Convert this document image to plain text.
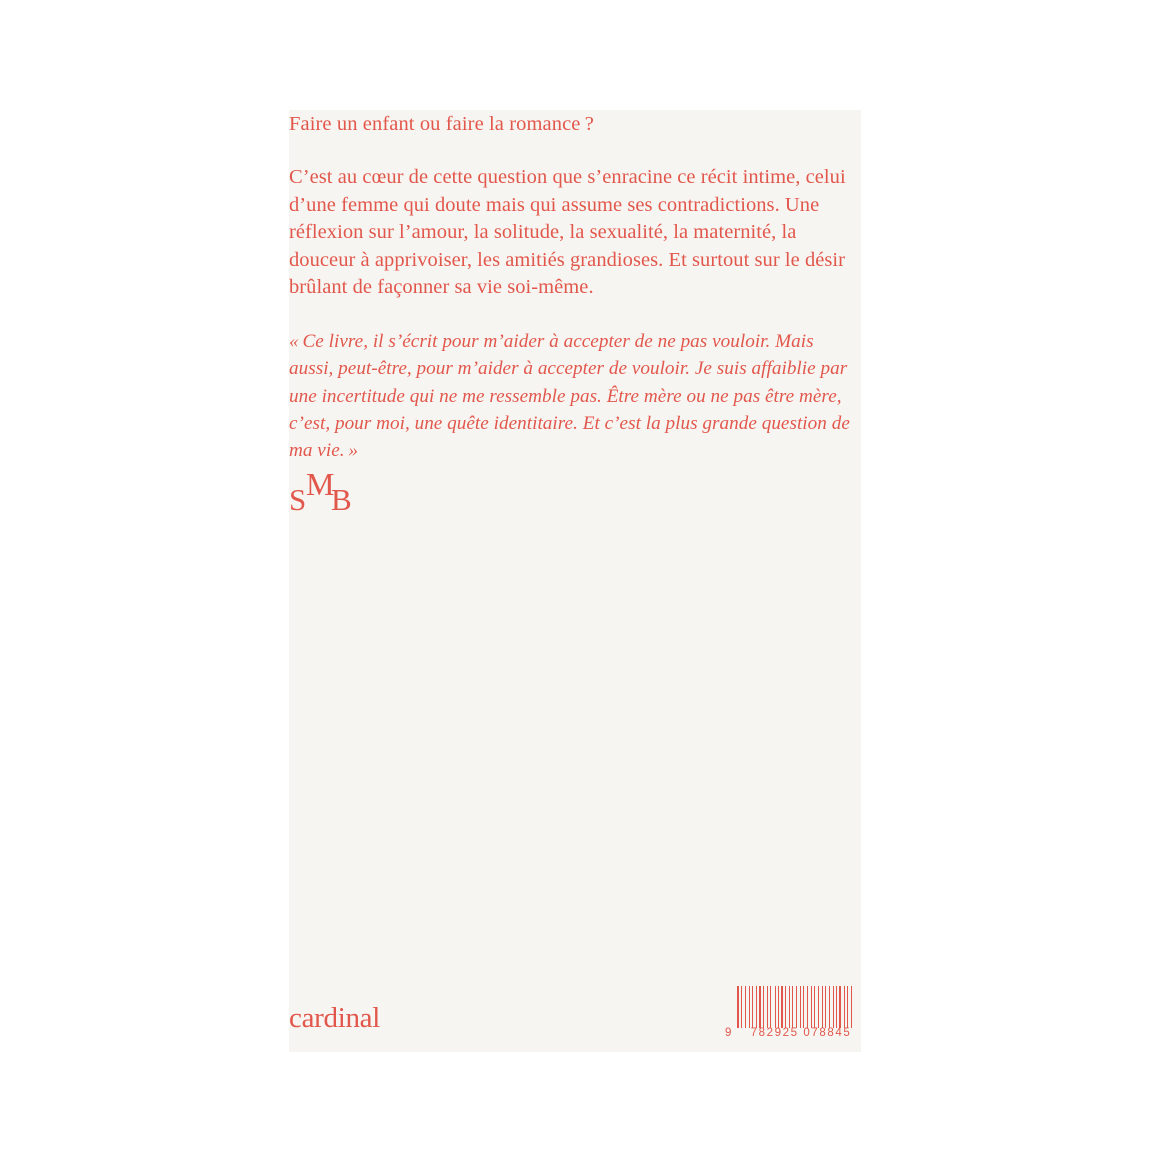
Faire un enfant ou faire la romance ?
C’est au cœur de cette question que s’enracine ce récit intime, celui d’une femme qui doute mais qui assume ses contradictions. Une réflexion sur l’amour, la solitude, la sexualité, la maternité, la douceur à apprivoiser, les amitiés grandioses. Et surtout sur le désir brûlant de façonner sa vie soi-même.
« Ce livre, il s’écrit pour m’aider à accepter de ne pas vouloir. Mais aussi, peut-être, pour m’aider à accepter de vouloir. Je suis affaiblie par une incertitude qui ne me ressemble pas. Être mère ou ne pas être mère, c’est, pour moi, une quête identitaire. Et c’est la plus grande question de ma vie. »
S M
B
cardinal	9 782925 078845
